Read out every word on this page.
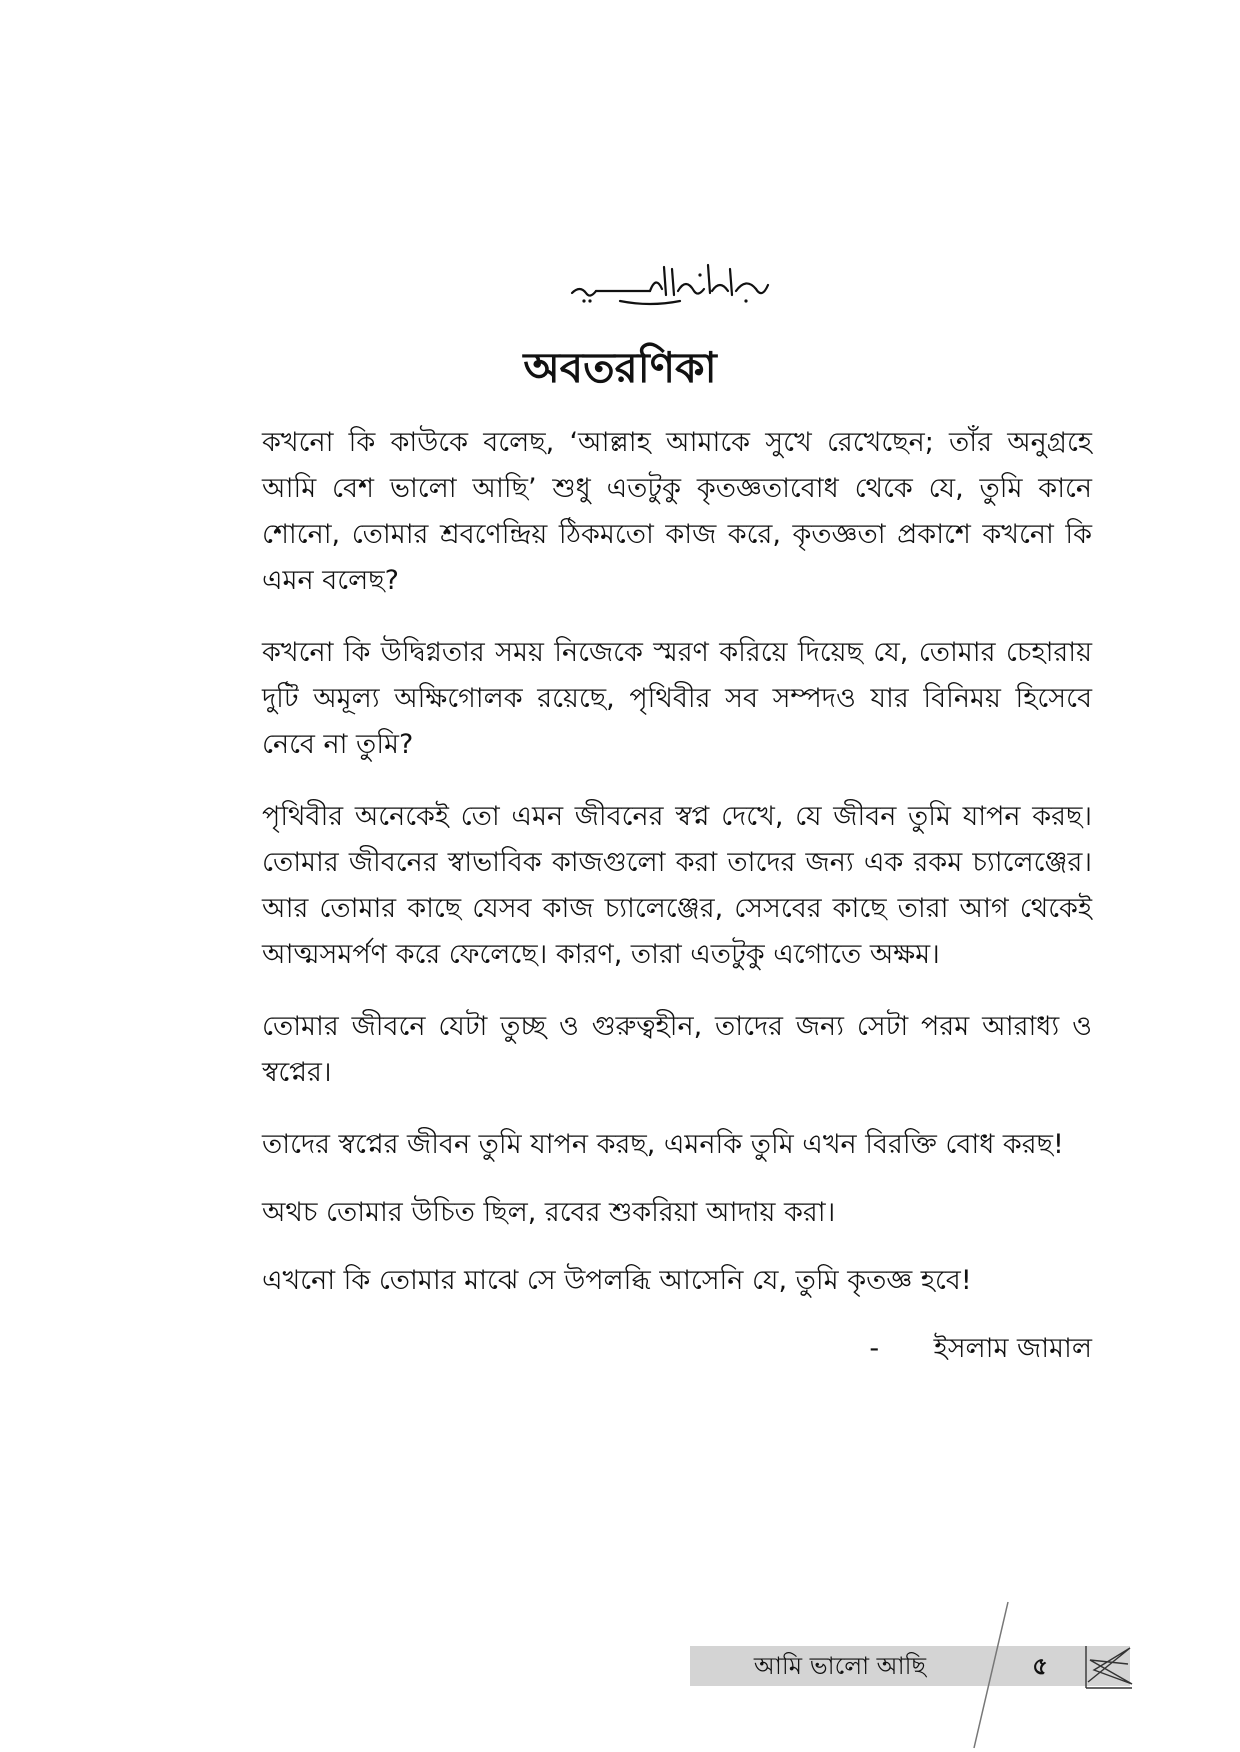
অবতরণিকা

কখনো কি কাউকে বলেছ, ‘আল্লাহ আমাকে সুখে রেখেছেন; তাঁর অনুগ্রহে আমি বেশ ভালো আছি’ শুধু এতটুকু কৃতজ্ঞতাবোধ থেকে যে, তুমি কানে শোনো, তোমার শ্রবণেন্দ্রিয় ঠিকমতো কাজ করে, কৃতজ্ঞতা প্রকাশে কখনো কি এমন বলেছ?

কখনো কি উদ্বিগ্নতার সময় নিজেকে স্মরণ করিয়ে দিয়েছ যে, তোমার চেহারায় দুটি অমূল্য অক্ষিগোলক রয়েছে, পৃথিবীর সব সম্পদও যার বিনিময় হিসেবে নেবে না তুমি?

পৃথিবীর অনেকেই তো এমন জীবনের স্বপ্ন দেখে, যে জীবন তুমি যাপন করছ। তোমার জীবনের স্বাভাবিক কাজগুলো করা তাদের জন্য এক রকম চ্যালেঞ্জের। আর তোমার কাছে যেসব কাজ চ্যালেঞ্জের, সেসবের কাছে তারা আগ থেকেই আত্মসমর্পণ করে ফেলেছে। কারণ, তারা এতটুকু এগোতে অক্ষম।

তোমার জীবনে যেটা তুচ্ছ ও গুরুত্বহীন, তাদের জন্য সেটা পরম আরাধ্য ও স্বপ্নের।

তাদের স্বপ্নের জীবন তুমি যাপন করছ, এমনকি তুমি এখন বিরক্তি বোধ করছ!

অথচ তোমার উচিত ছিল, রবের শুকরিয়া আদায় করা।

এখনো কি তোমার মাঝে সে উপলব্ধি আসেনি যে, তুমি কৃতজ্ঞ হবে!

- ইসলাম জামাল

আমি ভালো আছি	৫
